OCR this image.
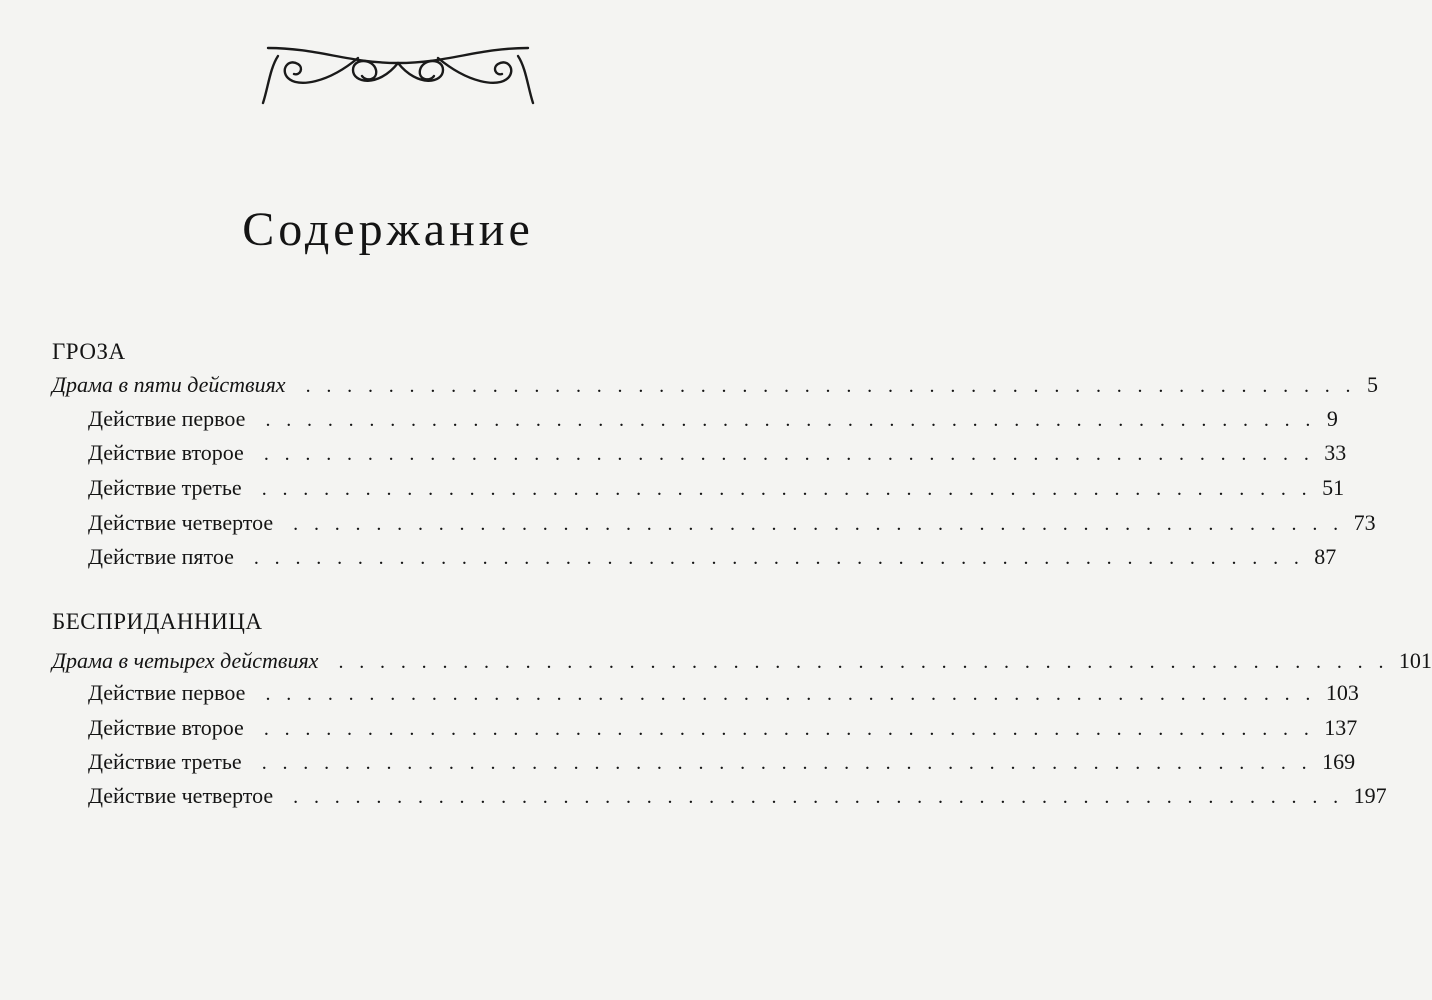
Содержание
ГРОЗА
Драма в пяти действиях . . . . . . . . . . . . . . . . . . . . . . . . . . . . . . . . . . . . . . . . . . . . . . . . . . . 5
Действие первое . . . . . . . . . . . . . . . . . . . . . . . . . . . . . . . . . . . . . . . . . . . . . . . . . . . 9
Действие второе . . . . . . . . . . . . . . . . . . . . . . . . . . . . . . . . . . . . . . . . . . . . . . . . . . . 33
Действие третье . . . . . . . . . . . . . . . . . . . . . . . . . . . . . . . . . . . . . . . . . . . . . . . . . . . 51
Действие четвертое . . . . . . . . . . . . . . . . . . . . . . . . . . . . . . . . . . . . . . . . . . . . . . . . . . . 73
Действие пятое . . . . . . . . . . . . . . . . . . . . . . . . . . . . . . . . . . . . . . . . . . . . . . . . . . . 87
БЕСПРИДАННИЦА
Драма в четырех действиях . . . . . . . . . . . . . . . . . . . . . . . . . . . . . . . . . . . . . . . . . . . . . . . . . . . 101
Действие первое . . . . . . . . . . . . . . . . . . . . . . . . . . . . . . . . . . . . . . . . . . . . . . . . . . . 103
Действие второе . . . . . . . . . . . . . . . . . . . . . . . . . . . . . . . . . . . . . . . . . . . . . . . . . . . 137
Действие третье . . . . . . . . . . . . . . . . . . . . . . . . . . . . . . . . . . . . . . . . . . . . . . . . . . . 169
Действие четвертое . . . . . . . . . . . . . . . . . . . . . . . . . . . . . . . . . . . . . . . . . . . . . . . . . . . 197
